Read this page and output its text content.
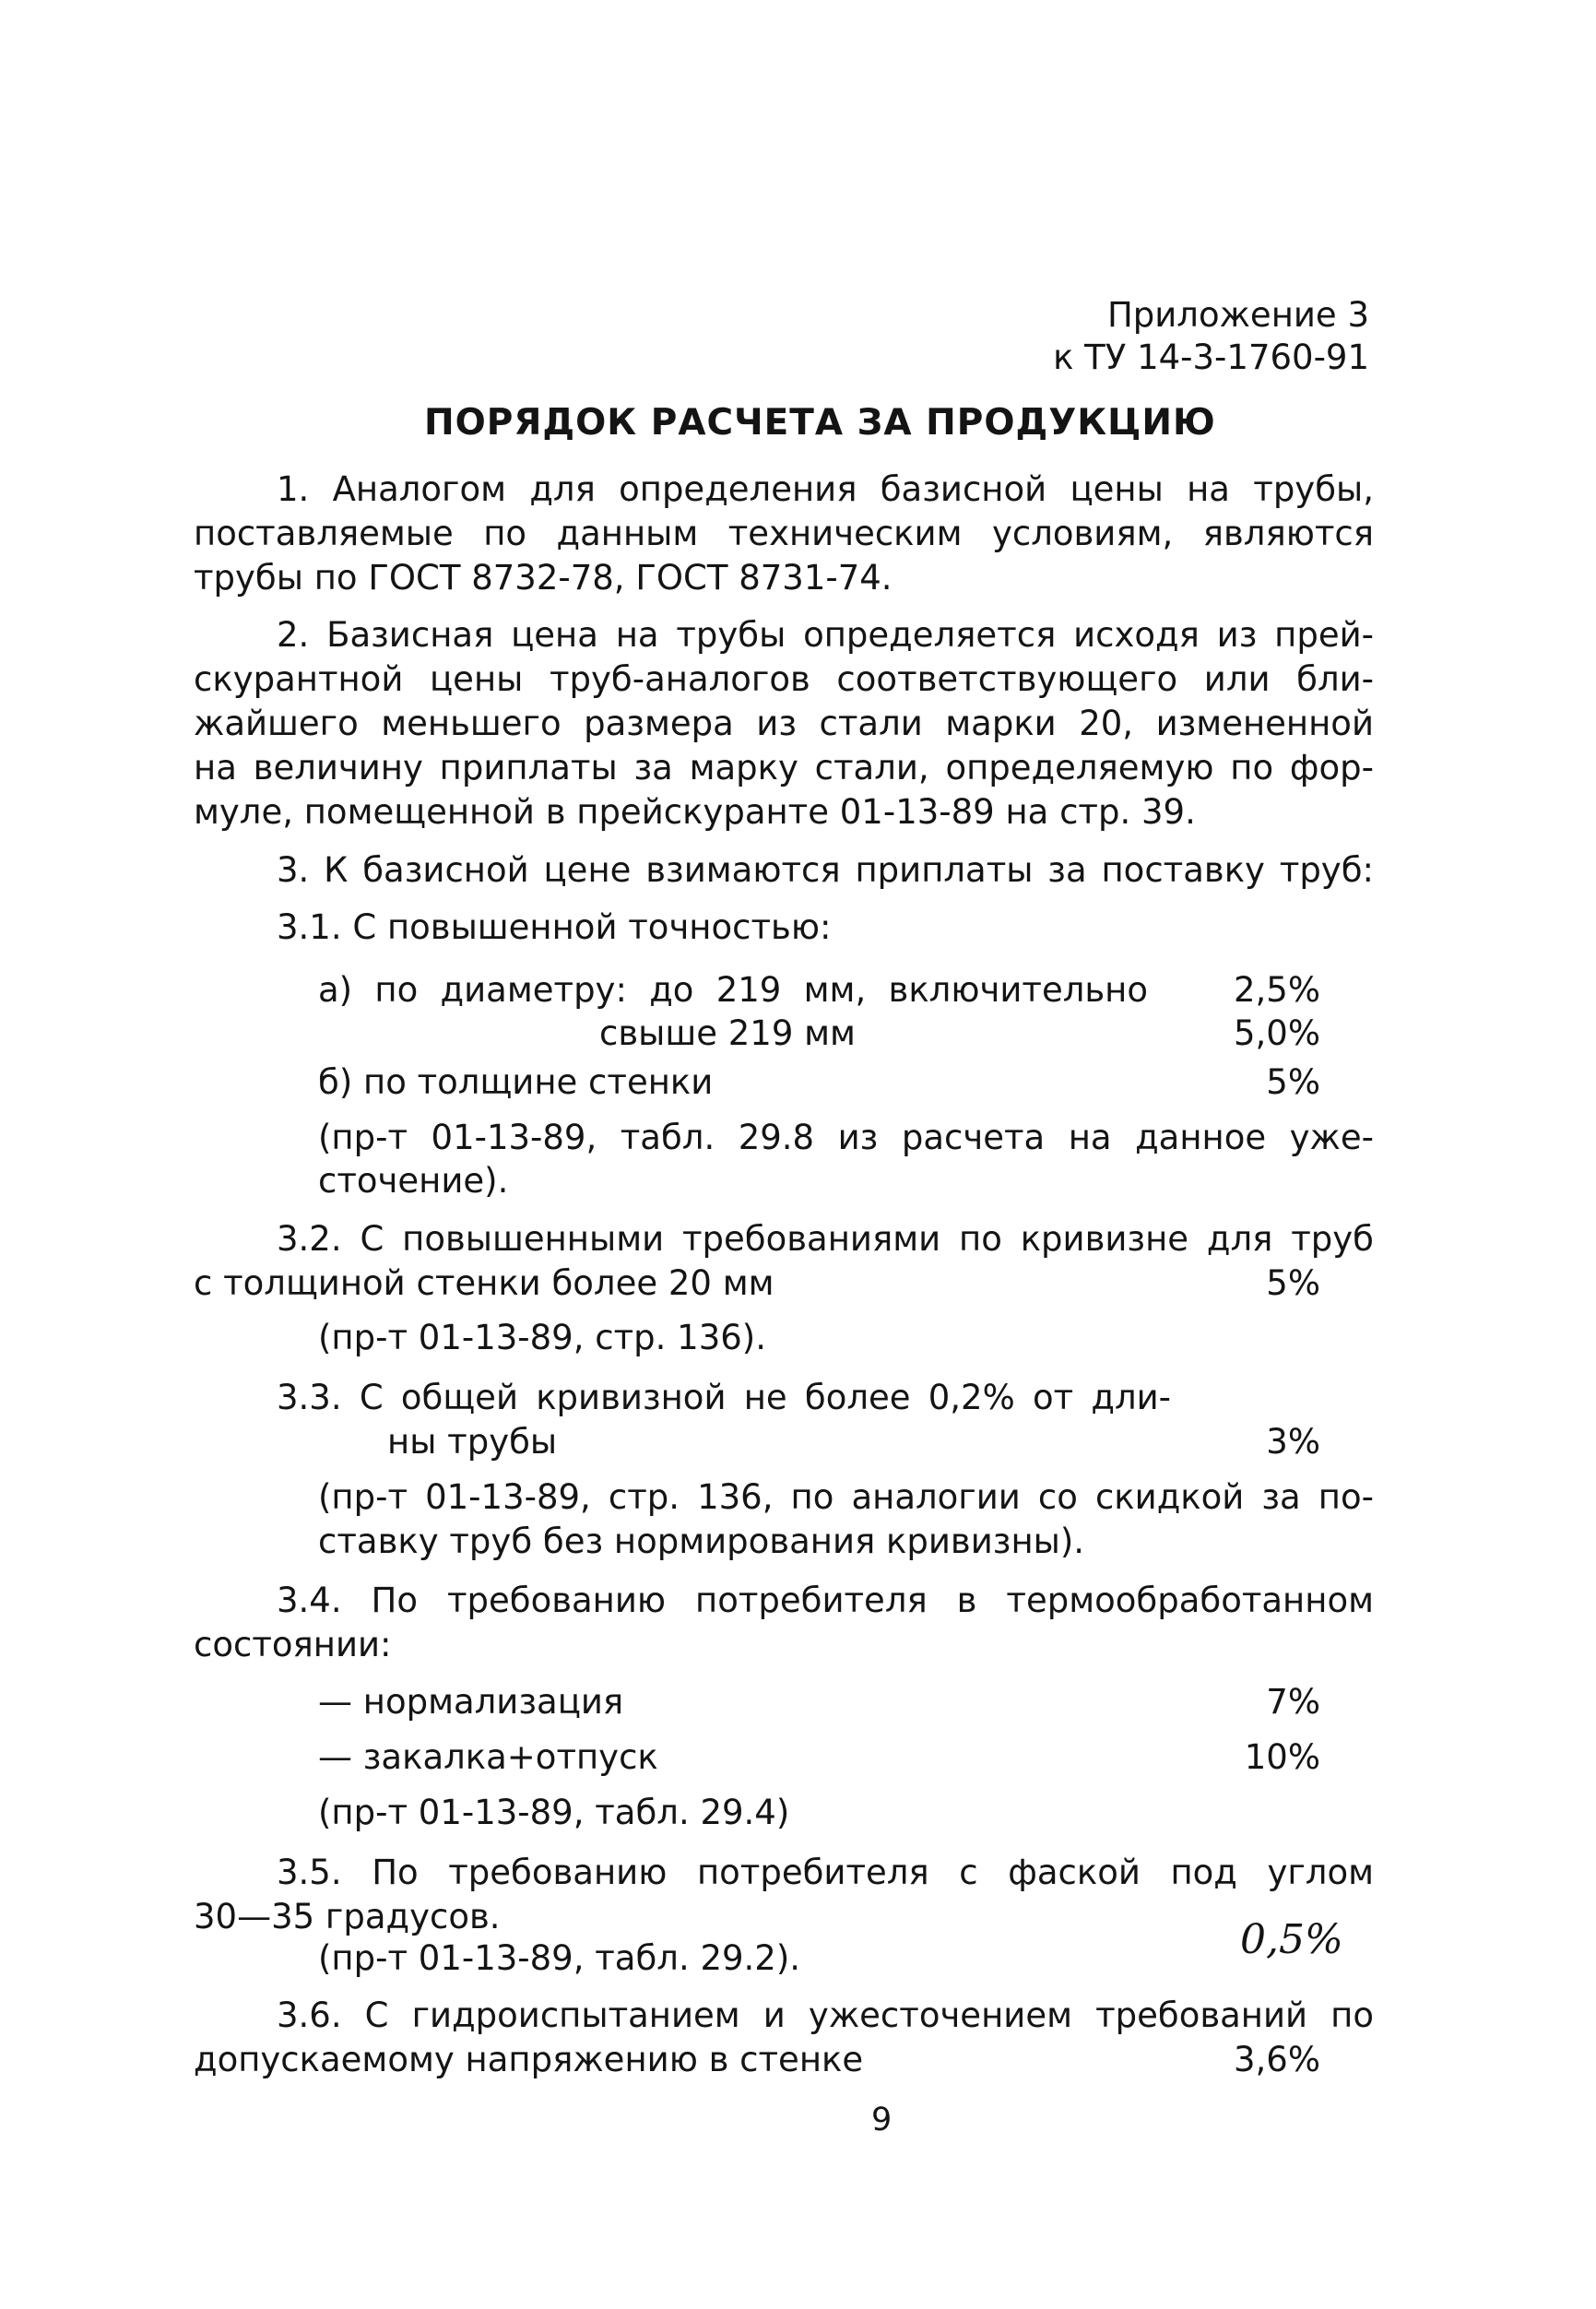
Приложение 3
к ТУ 14-3-1760-91
ПОРЯДОК РАСЧЕТА ЗА ПРОДУКЦИЮ
1. Аналогом для определения базисной цены на трубы,
поставляемые по данным техническим условиям, являются
трубы по ГОСТ 8732-78, ГОСТ 8731-74.
2. Базисная цена на трубы определяется исходя из прей-
скурантной цены труб-аналогов соответствующего или бли-
жайшего меньшего размера из стали марки 20, измененной
на величину приплаты за марку стали, определяемую по фор-
муле, помещенной в прейскуранте 01-13-89 на стр. 39.
3. К базисной цене взимаются приплаты за поставку труб:
3.1. С повышенной точностью:
а) по диаметру: до 219 мм, включительно	2,5%
свыше 219 мм	5,0%
б) по толщине стенки	5%
(пр-т 01-13-89, табл. 29.8 из расчета на данное уже-
сточение).
3.2. С повышенными требованиями по кривизне для труб
с толщиной стенки более 20 мм	5%
(пр-т 01-13-89, стр. 136).
3.3. С общей кривизной не более 0,2% от дли-
ны трубы	3%
(пр-т 01-13-89, стр. 136, по аналогии со скидкой за по-
ставку труб без нормирования кривизны).
3.4. По требованию потребителя в термообработанном
состоянии:
— нормализация	7%
— закалка+отпуск	10%
(пр-т 01-13-89, табл. 29.4)
3.5. По требованию потребителя с фаской под углом
30—35 градусов.
(пр-т 01-13-89, табл. 29.2).	0,5%
3.6. С гидроиспытанием и ужесточением требований по
допускаемому напряжению в стенке	3,6%
9
